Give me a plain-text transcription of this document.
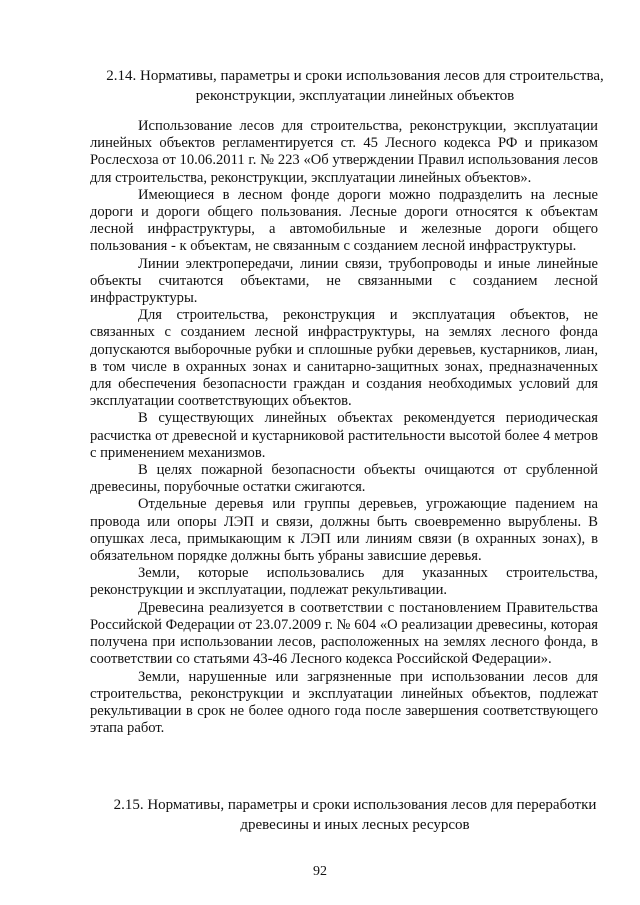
2.14. Нормативы, параметры и сроки использования лесов для строительства, реконструкции, эксплуатации линейных объектов

Использование лесов для строительства, реконструкции, эксплуатации линейных объектов регламентируется ст. 45 Лесного кодекса РФ и приказом Рослесхоза от 10.06.2011 г. № 223 «Об утверждении Правил использования лесов для строительства, реконструкции, эксплуатации линейных объектов».

Имеющиеся в лесном фонде дороги можно подразделить на лесные дороги и дороги общего пользования. Лесные дороги относятся к объектам лесной инфраструктуры, а автомобильные и железные дороги общего пользования - к объектам, не связанным с созданием лесной инфраструктуры.

Линии электропередачи, линии связи, трубопроводы и иные линейные объекты считаются объектами, не связанными с созданием лесной инфраструктуры.

Для строительства, реконструкция и эксплуатация объектов, не связанных с созданием лесной инфраструктуры, на землях лесного фонда допускаются выборочные рубки и сплошные рубки деревьев, кустарников, лиан, в том числе в охранных зонах и санитарно-защитных зонах, предназначенных для обеспечения безопасности граждан и создания необходимых условий для эксплуатации соответствующих объектов.

В существующих линейных объектах рекомендуется периодическая расчистка от древесной и кустарниковой растительности высотой более 4 метров с применением механизмов.

В целях пожарной безопасности объекты очищаются от срубленной древесины, порубочные остатки сжигаются.

Отдельные деревья или группы деревьев, угрожающие падением на провода или опоры ЛЭП и связи, должны быть своевременно вырублены. В опушках леса, примыкающим к ЛЭП или линиям связи (в охранных зонах), в обязательном порядке должны быть убраны зависшие деревья.

Земли, которые использовались для указанных строительства, реконструкции и эксплуатации, подлежат рекультивации.

Древесина реализуется в соответствии с постановлением Правительства Российской Федерации от 23.07.2009 г. № 604 «О реализации древесины, которая получена при использовании лесов, расположенных на землях лесного фонда, в соответствии со статьями 43-46 Лесного кодекса Российской Федерации».

Земли, нарушенные или загрязненные при использовании лесов для строительства, реконструкции и эксплуатации линейных объектов, подлежат рекультивации в срок не более одного года после завершения соответствующего этапа работ.

2.15. Нормативы, параметры и сроки использования лесов для переработки древесины и иных лесных ресурсов
92
